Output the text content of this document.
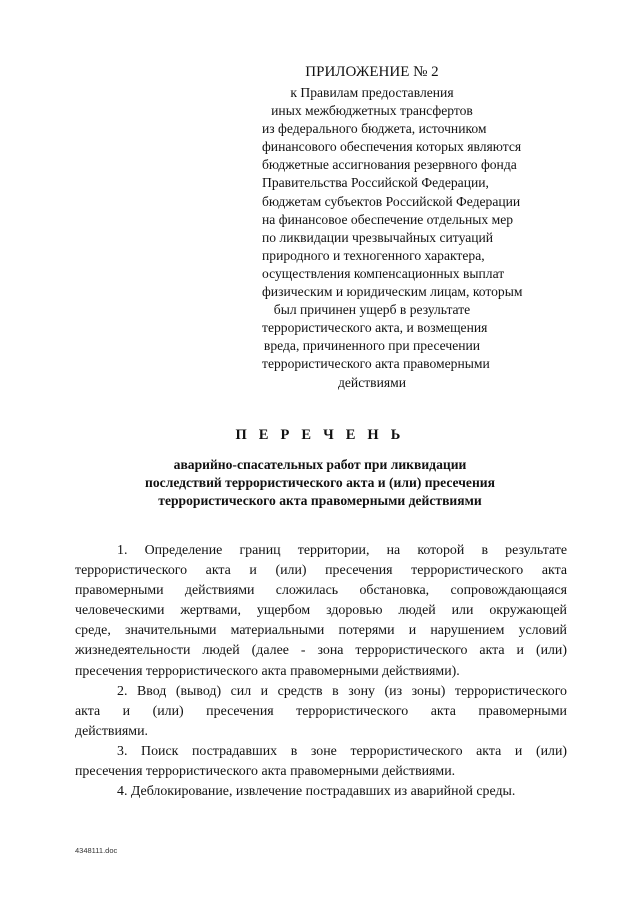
ПРИЛОЖЕНИЕ № 2
к Правилам предоставления
иных межбюджетных трансфертов
из федерального бюджета, источником
финансового обеспечения которых являются
бюджетные ассигнования резервного фонда
Правительства Российской Федерации,
бюджетам субъектов Российской Федерации
на финансовое обеспечение отдельных мер
по ликвидации чрезвычайных ситуаций
природного и техногенного характера,
осуществления компенсационных выплат
физическим и юридическим лицам, которым
был причинен ущерб в результате
террористического акта, и возмещения
вреда, причиненного при пресечении
террористического акта правомерными
действиями
П Е Р Е Ч Е Н Ь
аварийно-спасательных работ при ликвидации
последствий террористического акта и (или) пресечения
террористического акта правомерными действиями
1. Определение границ территории, на которой в результате
террористического акта и (или) пресечения террористического акта
правомерными действиями сложилась обстановка, сопровождающаяся
человеческими жертвами, ущербом здоровью людей или окружающей
среде, значительными материальными потерями и нарушением условий
жизнедеятельности людей (далее - зона террористического акта и (или)
пресечения террористического акта правомерными действиями).
2. Ввод (вывод) сил и средств в зону (из зоны) террористического
акта и (или) пресечения террористического акта правомерными
действиями.
3. Поиск пострадавших в зоне террористического акта и (или)
пресечения террористического акта правомерными действиями.
4. Деблокирование, извлечение пострадавших из аварийной среды.
4348111.doc
